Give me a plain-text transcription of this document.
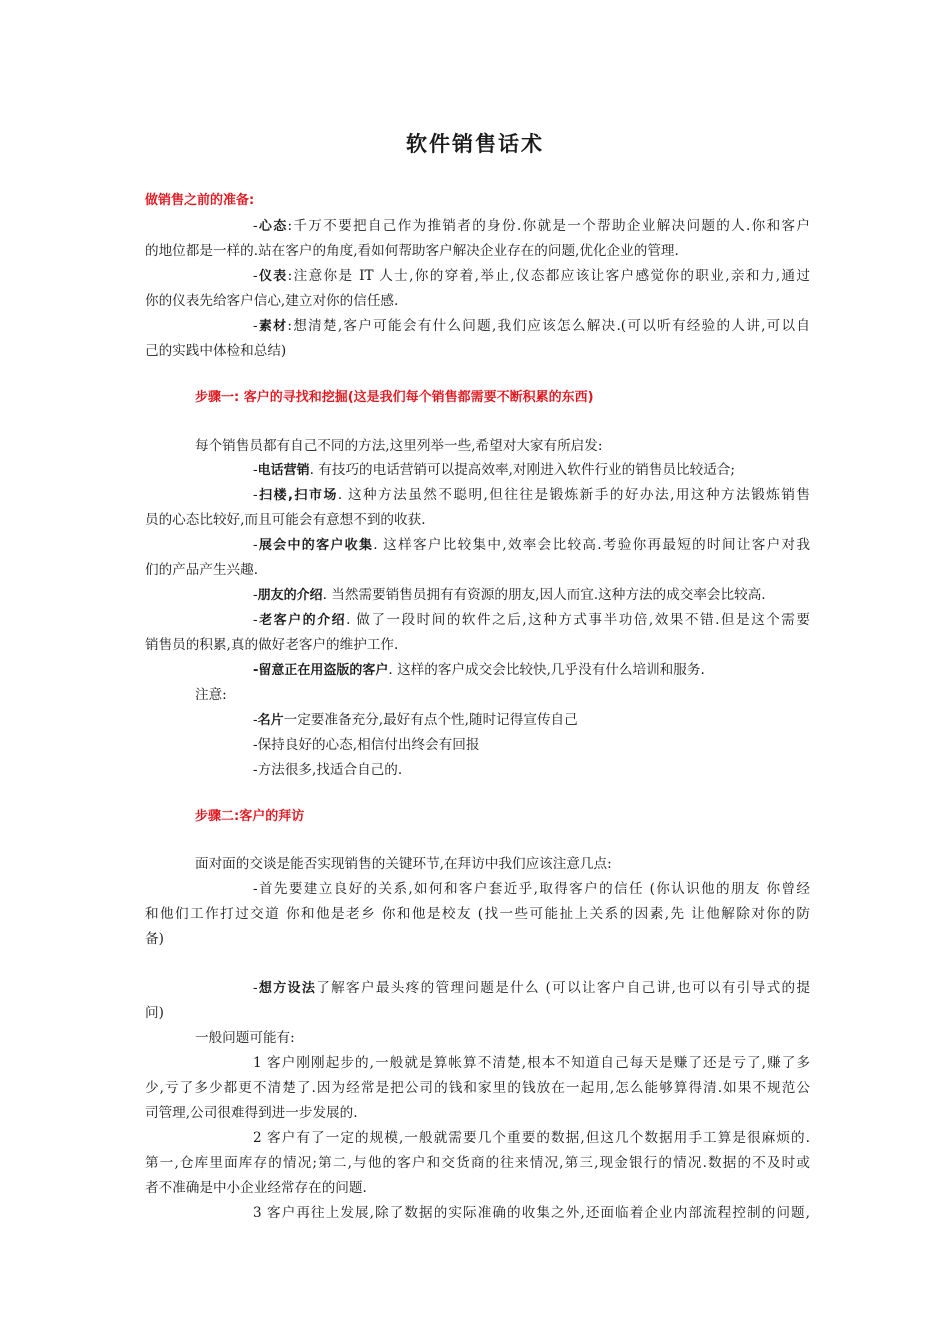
软件销售话术
做销售之前的准备:
-心态:千万不要把自己作为推销者的身份.你就是一个帮助企业解决问题的人.你和客户
的地位都是一样的.站在客户的角度,看如何帮助客户解决企业存在的问题,优化企业的管理.
-仪表:注意你是 IT 人士,你的穿着,举止,仪态都应该让客户感觉你的职业,亲和力,通过
你的仪表先给客户信心,建立对你的信任感.
-素材:想清楚,客户可能会有什么问题,我们应该怎么解决.(可以听有经验的人讲,可以自
己的实践中体检和总结)
步骤一: 客户的寻找和挖掘(这是我们每个销售都需要不断积累的东西)
每个销售员都有自己不同的方法,这里列举一些,希望对大家有所启发:
-电话营销. 有技巧的电话营销可以提高效率,对刚进入软件行业的销售员比较适合;
-扫楼,扫市场. 这种方法虽然不聪明,但往往是锻炼新手的好办法,用这种方法锻炼销售
员的心态比较好,而且可能会有意想不到的收获.
-展会中的客户收集. 这样客户比较集中,效率会比较高.考验你再最短的时间让客户对我
们的产品产生兴趣.
-朋友的介绍. 当然需要销售员拥有有资源的朋友,因人而宜.这种方法的成交率会比较高.
-老客户的介绍. 做了一段时间的软件之后,这种方式事半功倍,效果不错.但是这个需要
销售员的积累,真的做好老客户的维护工作.
-留意正在用盗版的客户. 这样的客户成交会比较快,几乎没有什么培训和服务.
注意:
-名片一定要准备充分,最好有点个性,随时记得宣传自己
-保持良好的心态,相信付出终会有回报
-方法很多,找适合自己的.
步骤二:客户的拜访
面对面的交谈是能否实现销售的关键环节,在拜访中我们应该注意几点:
-首先要建立良好的关系,如何和客户套近乎,取得客户的信任 (你认识他的朋友 你曾经
和他们工作打过交道 你和他是老乡 你和他是校友 (找一些可能扯上关系的因素,先 让他解除对你的防
备)
-想方设法了解客户最头疼的管理问题是什么 (可以让客户自己讲,也可以有引导式的提
问)
一般问题可能有:
1 客户刚刚起步的,一般就是算帐算不清楚,根本不知道自己每天是赚了还是亏了,赚了多
少,亏了多少都更不清楚了.因为经常是把公司的钱和家里的钱放在一起用,怎么能够算得清.如果不规范公
司管理,公司很难得到进一步发展的.
2 客户有了一定的规模,一般就需要几个重要的数据,但这几个数据用手工算是很麻烦的.
第一,仓库里面库存的情况;第二,与他的客户和交货商的往来情况,第三,现金银行的情况.数据的不及时或
者不准确是中小企业经常存在的问题.
3 客户再往上发展,除了数据的实际准确的收集之外,还面临着企业内部流程控制的问题,
